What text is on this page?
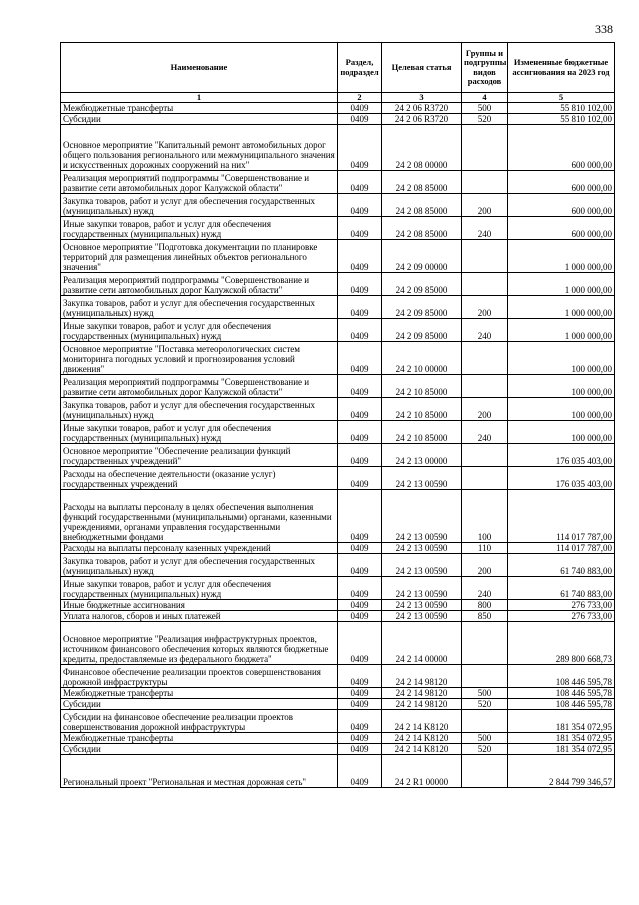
338
Наименование	Раздел, подраздел	Целевая статья	Группы и подгруппы видов расходов	Измененные бюджетные ассигнования на 2023 год
1	2	3	4	5
Межбюджетные трансферты	0409	24 2 06 R3720	500	55 810 102,00
Субсидии	0409	24 2 06 R3720	520	55 810 102,00
Основное мероприятие "Капитальный ремонт автомобильных дорог общего пользования региональнoго или межмуниципального значения и искусственных дорожных сооружений на них"	0409	24 2 08 00000		600 000,00
Реализация мероприятий подпрограммы "Совершенствование и развитие сети автомобильных дорог Калужской области"	0409	24 2 08 85000		600 000,00
Закупка товаров, работ и услуг для обеспечения государственных (муниципальных) нужд	0409	24 2 08 85000	200	600 000,00
Иные закупки товаров, работ и услуг для обеспечения государственных (муниципальных) нужд	0409	24 2 08 85000	240	600 000,00
Основное мероприятие "Подготовка документации по планировке территорий для размещения линейных объектов регионального значения"	0409	24 2 09 00000		1 000 000,00
Реализация мероприятий подпрограммы "Совершенствование и развитие сети автомобильных дорог Калужской области"	0409	24 2 09 85000		1 000 000,00
Закупка товаров, работ и услуг для обеспечения государственных (муниципальных) нужд	0409	24 2 09 85000	200	1 000 000,00
Иные закупки товаров, работ и услуг для обеспечения государственных (муниципальных) нужд	0409	24 2 09 85000	240	1 000 000,00
Основное мероприятие "Поставка метеорологических систем мониторинга погодных условий и прогнозирования условий движения"	0409	24 2 10 00000		100 000,00
Реализация мероприятий подпрограммы "Совершенствование и развитие сети автомобильных дорог Калужской области"	0409	24 2 10 85000		100 000,00
Закупка товаров, работ и услуг для обеспечения государственных (муниципальных) нужд	0409	24 2 10 85000	200	100 000,00
Иные закупки товаров, работ и услуг для обеспечения государственных (муниципальных) нужд	0409	24 2 10 85000	240	100 000,00
Основное мероприятие "Обеспечение реализации функций государственных учреждений"	0409	24 2 13 00000		176 035 403,00
Расходы на обеспечение деятельности (оказание услуг) государственных учреждений	0409	24 2 13 00590		176 035 403,00
Расходы на выплаты персоналу в целях обеспечения выполнения функций государственными (муниципальными) органами, казенными учреждениями, органами управления государственными внебюджетными фондами	0409	24 2 13 00590	100	114 017 787,00
Расходы на выплаты персоналу казенных учреждений	0409	24 2 13 00590	110	114 017 787,00
Закупка товаров, работ и услуг для обеспечения государственных (муниципальных) нужд	0409	24 2 13 00590	200	61 740 883,00
Иные закупки товаров, работ и услуг для обеспечения государственных (муниципальных) нужд	0409	24 2 13 00590	240	61 740 883,00
Иные бюджетные ассигнования	0409	24 2 13 00590	800	276 733,00
Уплата налогов, сборов и иных платежей	0409	24 2 13 00590	850	276 733,00
Основное мероприятие "Реализация инфраструктурных проектов, источником финансового обеспечения которых являются бюджетные кредиты, предоставляемые из федерального бюджета"	0409	24 2 14 00000		289 800 668,73
Финансовое обеспечение реализации проектов совершенствования дорожной инфраструктуры	0409	24 2 14 98120		108 446 595,78
Межбюджетные трансферты	0409	24 2 14 98120	500	108 446 595,78
Субсидии	0409	24 2 14 98120	520	108 446 595,78
Субсидии на финансовое обеспечение реализации проектов совершенствования дорожной инфраструктуры	0409	24 2 14 K8120		181 354 072,95
Межбюджетные трансферты	0409	24 2 14 K8120	500	181 354 072,95
Субсидии	0409	24 2 14 K8120	520	181 354 072,95
Региональный проект "Региональная и местная дорожная сеть"	0409	24 2 R1 00000		2 844 799 346,57
